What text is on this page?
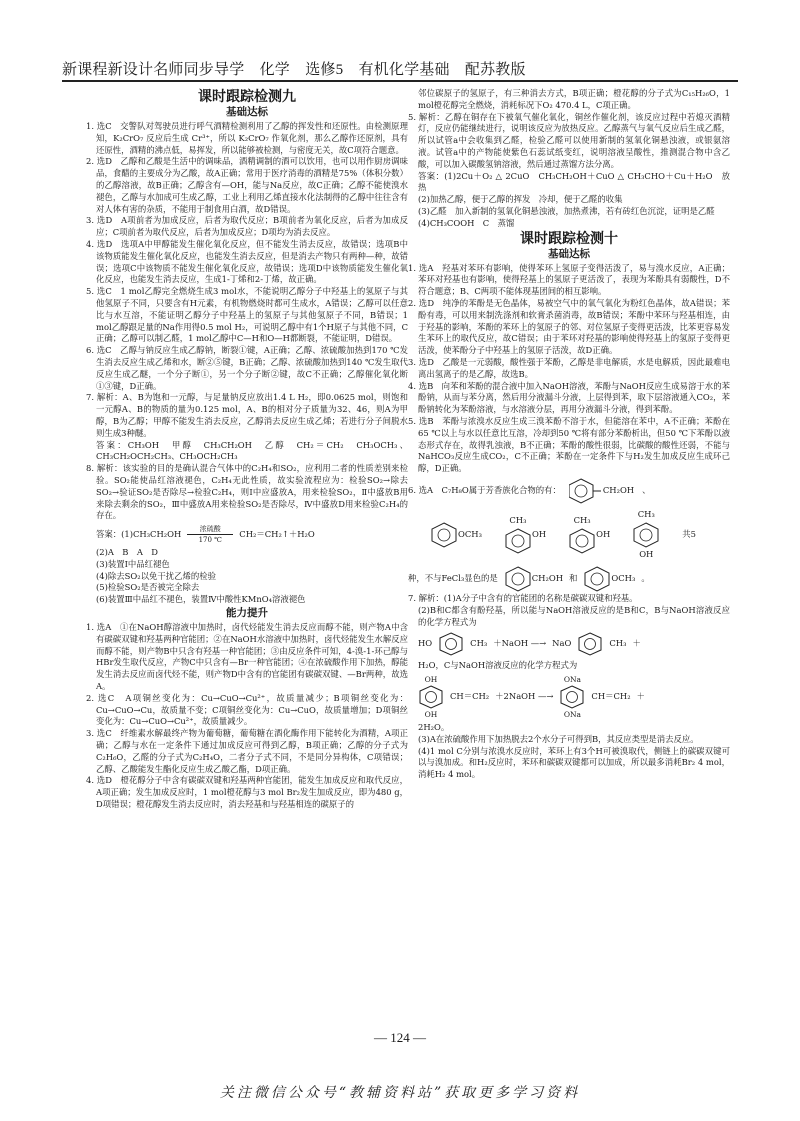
新课程新设计名师同步导学　化学　选修5　有机化学基础　配苏教版
课时跟踪检测九
基础达标

1. 选C　交警队对驾驶员进行呼气酒精检测利用了乙醇的挥发性和还原性。由检测原理知，K₂CrO₇ 反应后生成 Cr³⁺，所以 K₂CrO₇ 作氧化剂，那么乙醇作还原剂，具有还原性，酒精的沸点低，易挥发，所以能够被检测，与密度无关，故C项符合题意。

2. 选D　乙醇和乙酸是生活中的调味品，酒精调制的酒可以饮用，也可以用作厨房调味品，食醋的主要成分为乙酸，故A正确；常用于医疗消毒的酒精是75%（体积分数）的乙醇溶液，故B正确；乙醇含有—OH，能与Na反应，故C正确；乙醇不能使溴水褪色，乙醇与水加成可生成乙醇，工业上利用乙烯直接水化法制得的乙醇中往往含有对人体有害的杂质，不能用于制食用白酒，故D错误。

3. 选D　A项前者为加成反应，后者为取代反应；B项前者为氧化反应，后者为加成反应；C项前者为取代反应，后者为加成反应；D项均为消去反应。

4. 选D　选项A中甲醇能发生催化氧化反应，但不能发生消去反应，故错误；选项B中该物质能发生催化氧化反应，也能发生消去反应，但是消去产物只有两种—种，故错误；选项C中该物质不能发生催化氧化反应，故错误；选项D中该物质能发生催化氧化反应，也能发生消去反应，生成1-丁烯和2-丁烯，故正确。

5. 选C　1 mol乙醇完全燃烧生成3 mol水，不能说明乙醇分子中羟基上的氢原子与其他氢原子不同，只要含有H元素，有机物燃烧时都可生成水，A错误；乙醇可以任意比与水互溶，不能证明乙醇分子中羟基上的氢原子与其他氢原子不同，B错误；1 mol乙醇跟足量的Na作用得0.5 mol H₂，可说明乙醇中有1个H原子与其他不同，C正确；乙醇可以制乙醛，1 mol乙醇中C—H和O—H都断裂，不能证明，D错误。

6. 选C　乙醇与钠反应生成乙醇钠，断裂①键，A正确；乙醇、浓硫酸加热到170 ℃发生消去反应生成乙烯和水，断②⑤键，B正确；乙醇、浓硫酸加热到140 ℃发生取代反应生成乙醚，一个分子断①，另一个分子断②键，故C不正确；乙醇催化氧化断①③键，D正确。

7. 解析：A、B为饱和一元醇，与足量钠反应放出1.4 L H₂，即0.0625 mol，则饱和一元醇A、B的物质的量为0.125 mol，A、B的相对分子质量为32、46，则A为甲醇，B为乙醇；甲醇不能发生消去反应，乙醇消去反应生成乙烯；若进行分子间脱水则生成3种醚。

答案：CH₃OH　甲醇　CH₃CH₂OH　乙醇　CH₂＝CH₂　CH₃OCH₃、CH₃CH₂OCH₂CH₃、CH₃OCH₂CH₃

8. 解析：该实验的目的是确认混合气体中的C₂H₄和SO₂，应利用二者的性质差别来检验。SO₂能使品红溶液褪色，C₂H₄无此性质，故实验流程应为：检验SO₂→除去SO₂→验证SO₂是否除尽→检验C₂H₄，则Ⅰ中应盛放A，用来检验SO₂，Ⅱ中盛放B用来除去剩余的SO₂，Ⅲ中盛放A用来检验SO₂是否除尽，Ⅳ中盛放D用来检验C₂H₄的存在。

答案：(1)CH₃CH₂OH	浓硫酸
170 ℃
CH₂＝CH₂↑＋H₂O

(2)A　B　A　D

(3)装置Ⅰ中品红褪色

(4)除去SO₂以免干扰乙烯的检验

(5)检验SO₂是否被完全除去

(6)装置Ⅲ中品红不褪色，装置Ⅳ中酸性KMnO₄溶液褪色

能力提升

1. 选A　①在NaOH醇溶液中加热时，卤代烃能发生消去反应而醇不能，则产物A中含有碳碳双键和羟基两种官能团；②在NaOH水溶液中加热时，卤代烃能发生水解反应而醇不能，则产物B中只含有羟基一种官能团；③由反应条件可知，4-溴-1-环己醇与HBr发生取代反应，产物C中只含有—Br一种官能团；④在浓硫酸作用下加热，醇能发生消去反应而卤代烃不能，则产物D中含有的官能团有碳碳双键、—Br两种，故选A。

2. 选C　A项铜丝变化为：Cu→CuO→Cu²⁺，故质量减少；B项铜丝变化为：Cu→CuO→Cu，故质量不变；C项铜丝变化为：Cu→CuO，故质量增加；D项铜丝变化为：Cu→CuO→Cu²⁺，故质量减少。

3. 选C　纤维素水解最终产物为葡萄糖，葡萄糖在酒化酶作用下能转化为酒精，A项正确；乙醇与水在一定条件下通过加成反应可得到乙醇，B项正确；乙醇的分子式为C₂H₆O，乙醛的分子式为C₂H₄O，二者分子式不同，不是同分异构体，C项错误；乙醇、乙酸能发生酯化反应生成乙酸乙酯，D项正确。

4. 选D　橙花醇分子中含有碳碳双键和羟基两种官能团，能发生加成反应和取代反应，A项正确；发生加成反应时，1 mol橙花醇与3 mol Br₂发生加成反应，即为480 g，D项错误；橙花醇发生消去反应时，消去羟基和与羟基相连的碳原子的

邻位碳原子的氢原子，有三种消去方式，B项正确；橙花醇的分子式为C₁₅H₂₆O，1 mol橙花醇完全燃烧，消耗标况下O₂ 470.4 L，C项正确。

5. 解析：乙醇在铜存在下被氧气催化氧化，铜丝作催化剂，该反应过程中若熄灭酒精灯，反应仍能继续进行，说明该反应为放热反应。乙醇蒸气与氧气反应后生成乙醛，所以试管a中会收集到乙醛，检验乙醛可以使用新制的氢氧化铜悬浊液，或银氨溶液。试管a中的产物能使紫色石蕊试纸变红，说明溶液呈酸性，推测混合物中含乙酸，可以加入碳酸氢钠溶液，然后通过蒸馏方法分离。

答案：(1)2Cu＋O₂ △ 2CuO　CH₃CH₂OH＋CuO △ CH₃CHO＋Cu＋H₂O　放热

(2)加热乙醇，便于乙醇的挥发　冷却，便于乙醛的收集

(3)乙醛　加入新制的氢氧化铜悬浊液，加热煮沸，若有砖红色沉淀，证明是乙醛

(4)CH₃COOH　C　蒸馏

课时跟踪检测十
基础达标

1. 选A　羟基对苯环有影响，使得苯环上氢原子变得活泼了，易与溴水反应，A正确；苯环对羟基也有影响，使得羟基上的氢原子更活泼了，表现为苯酚具有弱酸性，D不符合题意；B、C两项不能体现基团间的相互影响。

2. 选D　纯净的苯酚是无色晶体，易被空气中的氧气氧化为粉红色晶体，故A错误；苯酚有毒，可以用来制洗涤剂和软膏杀菌消毒，故B错误；苯酚中苯环与羟基相连，由于羟基的影响，苯酚的苯环上的氢原子的邻、对位氢原子变得更活泼，比苯更容易发生苯环上的取代反应，故C错误；由于苯环对羟基的影响使得羟基上的氢原子变得更活泼，使苯酚分子中羟基上的氢原子活泼，故D正确。

3. 选D　乙酸是一元弱酸，酸性强于苯酚，乙醇是非电解质，水是电解质，因此最难电离出氢离子的是乙醇，故选B。

4. 选B　向苯和苯酚的混合液中加入NaOH溶液，苯酚与NaOH反应生成易溶于水的苯酚钠，从而与苯分离，然后用分液漏斗分液，上层得到苯，取下层溶液通入CO₂，苯酚钠转化为苯酚溶液，与水溶液分层，再用分液漏斗分液，得到苯酚。

5. 选B　苯酚与浓溴水反应生成三溴苯酚不溶于水，但能溶在苯中，A不正确；苯酚在65 ℃以上与水以任意比互溶，冷却到50 ℃将有部分苯酚析出，但50 ℃下苯酚以液态形式存在，故得乳浊液，B不正确；苯酚的酸性很弱，比碳酸的酸性还弱，不能与NaHCO₃反应生成CO₂，C不正确；苯酚在一定条件下与H₂发生加成反应生成环己醇，D正确。

6. 选A　C₇H₈O属于芳香族化合物的有：	CH₂OH 、
OCH₃
CH₃
OH
CH₃
OH
CH₃
OH
共5
种，不与FeCl₃显色的是	CH₂OH 和	OCH₃ 。

7. 解析：(1)A分子中含有的官能团的名称是碳碳双键和羟基。

(2)B和C都含有酚羟基，所以能与NaOH溶液反应的是B和C，B与NaOH溶液反应的化学方程式为

HO	CH₃ ＋NaOH —→ NaO	CH₃ ＋

H₂O，C与NaOH溶液反应的化学方程式为

OH
OH
CH＝CH₂ ＋2NaOH —→
ONa
ONa
CH＝CH₂ ＋

2H₂O。

(3)A在浓硫酸作用下加热脱去2个水分子可得到B，其反应类型是消去反应。

(4)1 mol C分别与浓溴水反应时，苯环上有3个H可被溴取代，侧链上的碳碳双键可以与溴加成。和H₂反应时，苯环和碳碳双键都可以加成，所以最多消耗Br₂ 4 mol，消耗H₂ 4 mol。

— 124 —
关注微信公众号“教辅资料站”获取更多学习资料
